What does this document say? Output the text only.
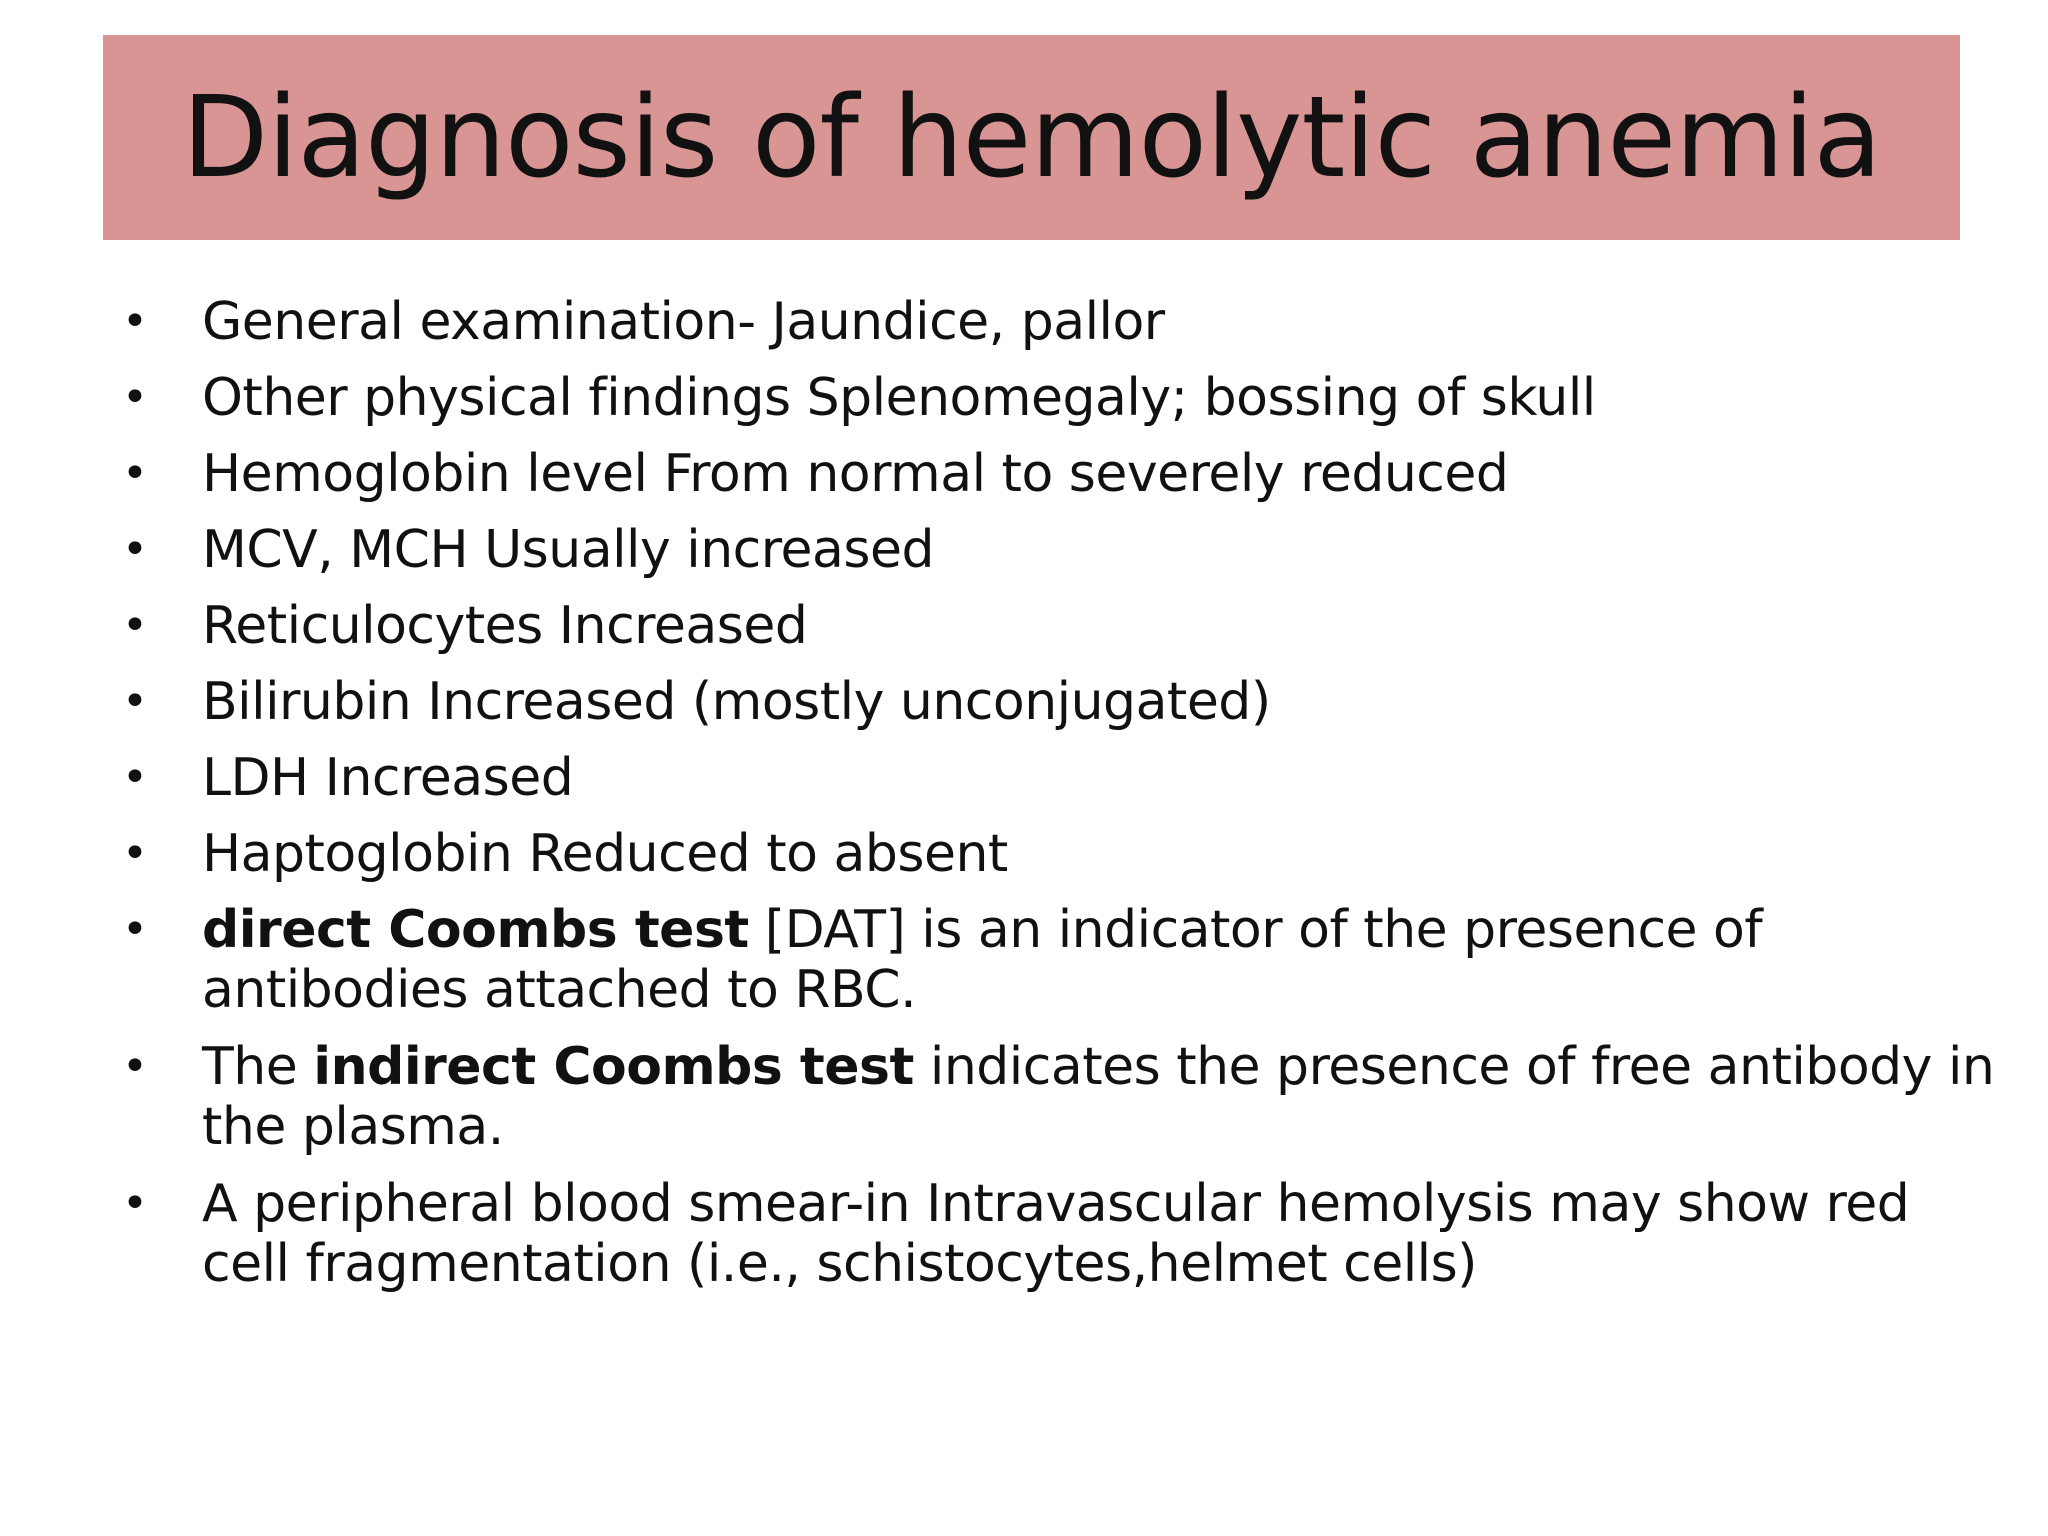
Diagnosis of hemolytic anemia
• General examination- Jaundice, pallor
• Other physical findings Splenomegaly; bossing of skull
• Hemoglobin level From normal to severely reduced
• MCV, MCH Usually increased
• Reticulocytes Increased
• Bilirubin Increased (mostly unconjugated)
• LDH Increased
• Haptoglobin Reduced to absent
• direct Coombs test [DAT] is an indicator of the presence of
antibodies attached to RBC.
• The indirect Coombs test indicates the presence of free antibody in
the plasma.
• A peripheral blood smear-in Intravascular hemolysis may show red
cell fragmentation (i.e., schistocytes,helmet cells)
